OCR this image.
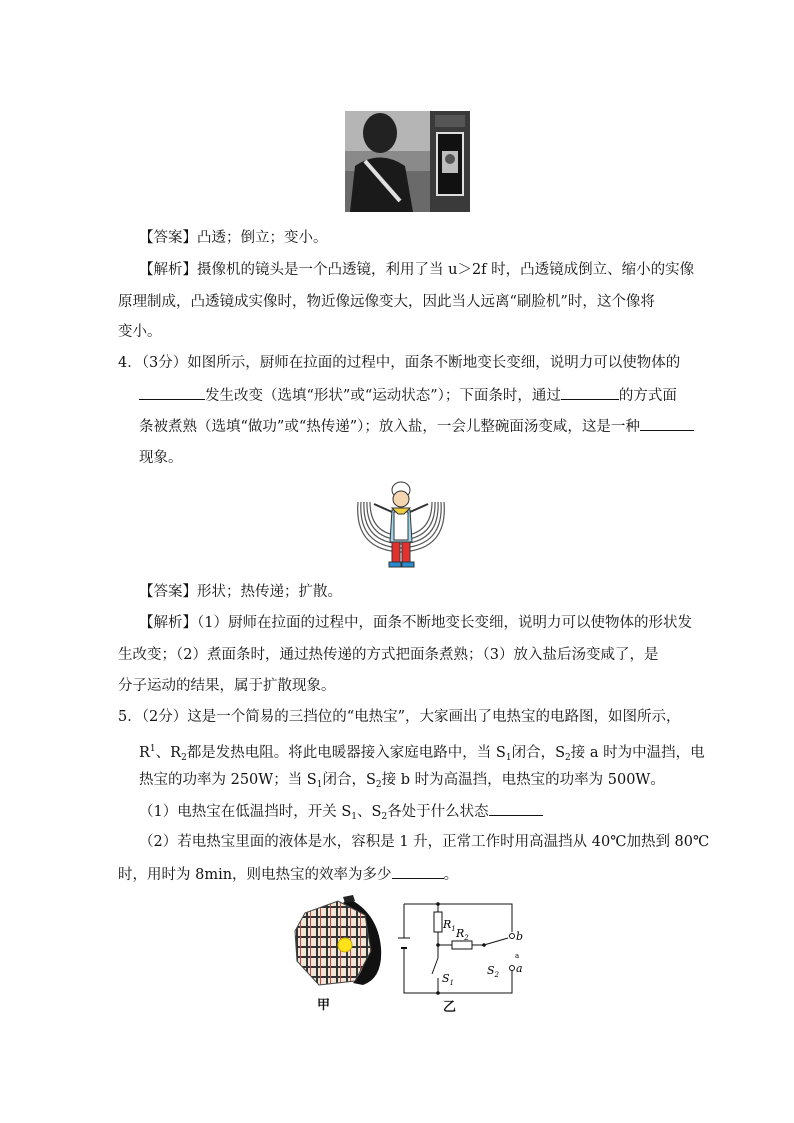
【答案】凸透；倒立；变小。
【解析】摄像机的镜头是一个凸透镜，利用了当 u＞2f 时，凸透镜成倒立、缩小的实像
原理制成，凸透镜成实像时，物近像远像变大，因此当人远离“刷脸机”时，这个像将
变小。
4．（3分）如图所示，厨师在拉面的过程中，面条不断地变长变细，说明力可以使物体的
发生改变（选填“形状”或“运动状态”）；下面条时，通过	的方式面
条被煮熟（选填“做功”或“热传递”）；放入盐，一会儿整碗面汤变咸，这是一种
现象。
【答案】形状；热传递；扩散。
【解析】（1）厨师在拉面的过程中，面条不断地变长变细，说明力可以使物体的形状发
生改变；（2）煮面条时，通过热传递的方式把面条煮熟；（3）放入盐后汤变咸了，是
分子运动的结果，属于扩散现象。
5．（2分）这是一个简易的三挡位的“电热宝”，大家画出了电热宝的电路图，如图所示，
$R^1$、$R_2$都是发热电阻。将此电暖器接入家庭电路中，当 $S_1$闭合，$S_2$接 a 时为中温挡，电
热宝的功率为 250W；当 $S_1$闭合，$S_2$接 b 时为高温挡，电热宝的功率为 500W。
（1）电热宝在低温挡时，开关 $S_1$、$S_2$各处于什么状态
（2）若电热宝里面的液体是水，容积是 1 升，正常工作时用高温挡从 40℃加热到 80℃
时，用时为 8min，则电热宝的效率为多少	。
甲
$R_1$ $R_2$
$S_1$
$S_2$
b
a
a
乙
